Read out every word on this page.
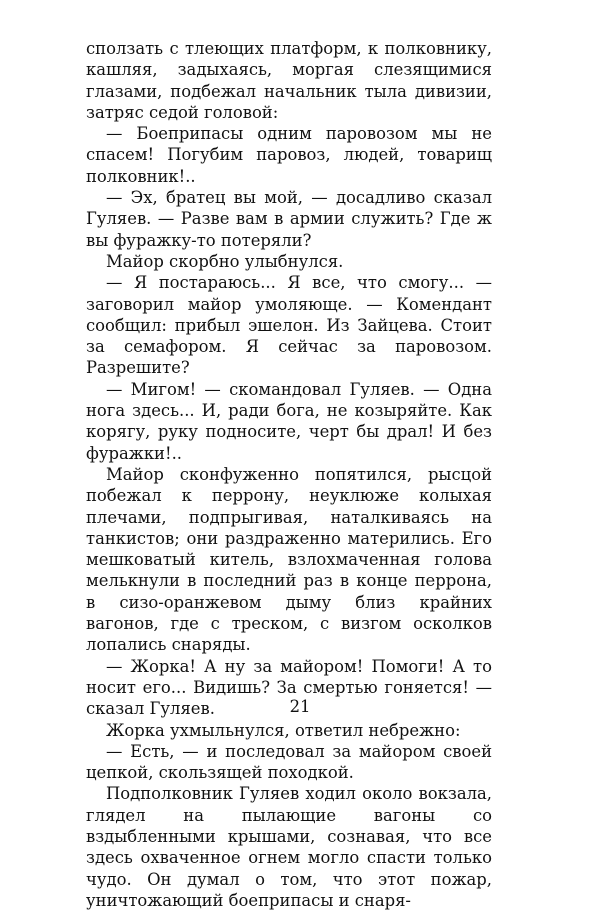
сползать с тлеющих платформ, к полковнику, кашляя, задыхаясь, моргая слезящимися глазами, подбежал начальник тыла дивизии, затряс седой головой:

— Боеприпасы одним паровозом мы не спасем! Погубим паровоз, людей, товарищ полковник!..

— Эх, братец вы мой, — досадливо сказал Гуляев. — Разве вам в армии служить? Где ж вы фуражку-то потеряли?

Майор скорбно улыбнулся.

— Я постараюсь... Я все, что смогу... — заговорил майор умоляюще. — Комендант сообщил: прибыл эшелон. Из Зайцева. Стоит за семафором. Я сейчас за паровозом. Разрешите?

— Мигом! — скомандовал Гуляев. — Одна нога здесь... И, ради бога, не козыряйте. Как корягу, руку подносите, черт бы драл! И без фуражки!..

Майор сконфуженно попятился, рысцой побежал к перрону, неуклюже колыхая плечами, подпрыгивая, наталкиваясь на танкистов; они раздраженно матерились. Его мешковатый китель, взлохмаченная голова мелькнули в последний раз в конце перрона, в сизо-оранжевом дыму близ крайних вагонов, где с треском, с визгом осколков лопались снаряды.

— Жорка! А ну за майором! Помоги! А то носит его... Видишь? За смертью гоняется! — сказал Гуляев.

Жорка ухмыльнулся, ответил небрежно:

— Есть, — и последовал за майором своей цепкой, скользящей походкой.

Подполковник Гуляев ходил около вокзала, глядел на пылающие вагоны со вздыбленными крышами, сознавая, что все здесь охваченное огнем могло спасти только чудо. Он думал о том, что этот пожар, уничтожающий боеприпасы и снаря-

21
